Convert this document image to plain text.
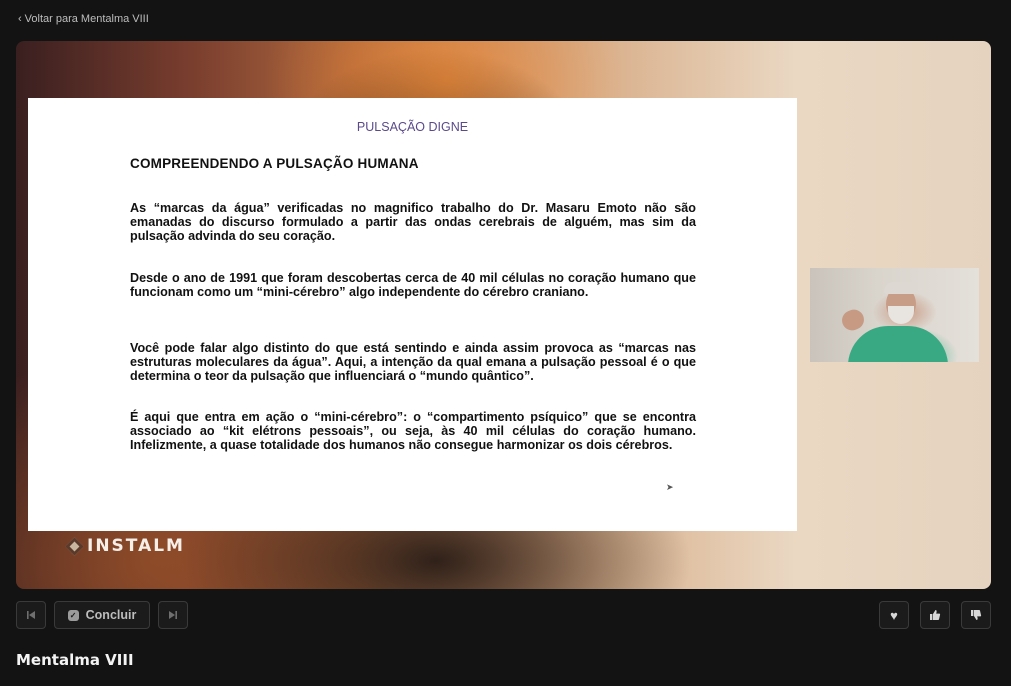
‹ Voltar para Mentalma VIII
PULSAÇÃO DIGNE
COMPREENDENDO A PULSAÇÃO HUMANA
As “marcas da água” verificadas no magnifico trabalho do Dr. Masaru Emoto não são emanadas do discurso formulado a partir das ondas cerebrais de alguém, mas sim da pulsação advinda do seu coração.
Desde o ano de 1991 que foram descobertas cerca de 40 mil células no coração humano que funcionam como um “mini-cérebro” algo independente do cérebro craniano.
Você pode falar algo distinto do que está sentindo e ainda assim provoca as “marcas nas estruturas moleculares da água”. Aqui, a intenção da qual emana a pulsação pessoal é o que determina o teor da pulsação que influenciará o “mundo quântico”.
É aqui que entra em ação o “mini-cérebro”: o “compartimento psíquico” que se encontra associado ao “kit elétrons pessoais”, ou seja, às 40 mil células do coração humano. Infelizmente, a quase totalidade dos humanos não consegue harmonizar os dois cérebros.
➤
INSTALM
✓ Concluir	♥
Mentalma VIII
